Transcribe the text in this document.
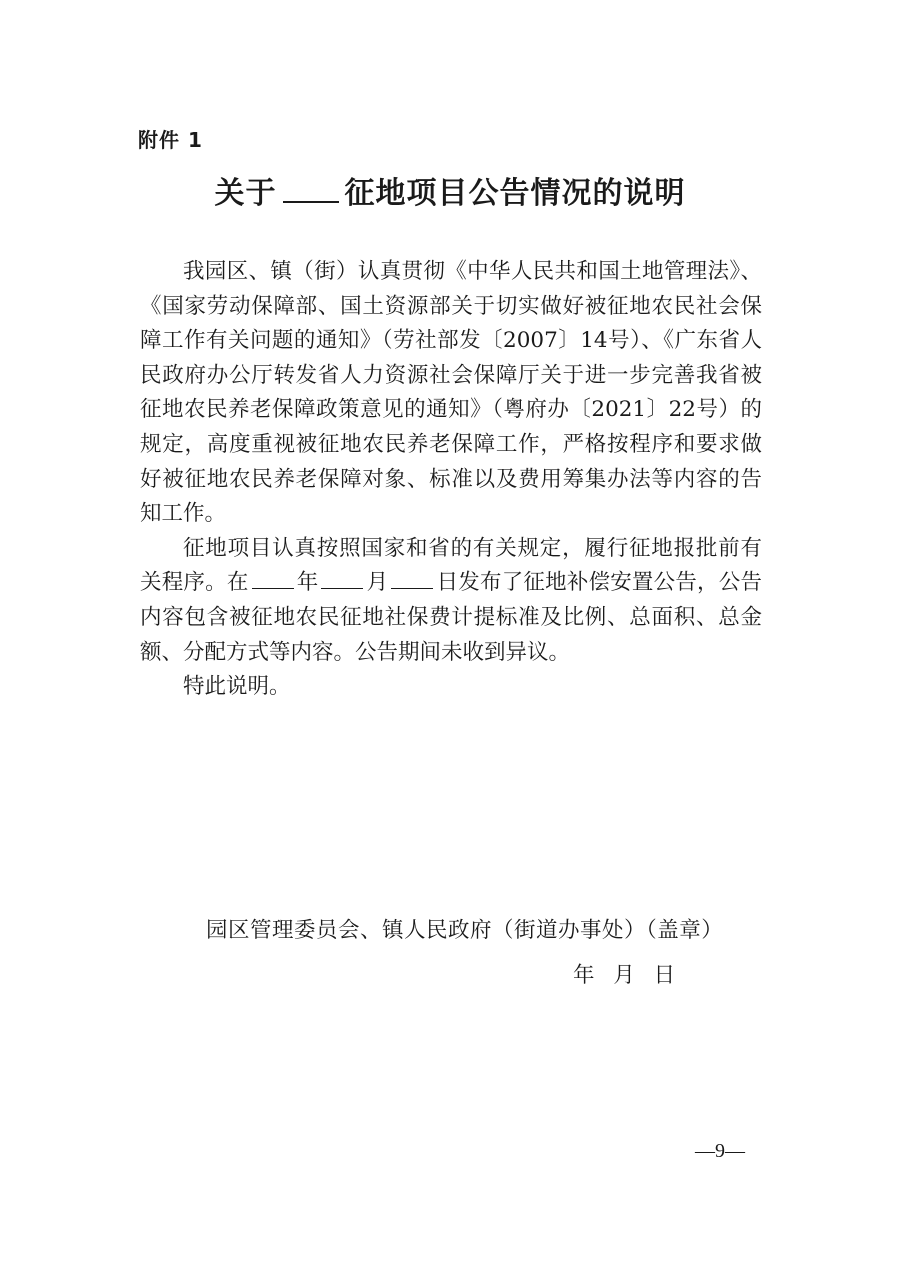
附件 1
关于 征地项目公告情况的说明

我园区、镇（街）认真贯彻《中华人民共和国土地管理法》、《国家劳动保障部、国土资源部关于切实做好被征地农民社会保障工作有关问题的通知》（劳社部发〔2007〕14号）、《广东省人民政府办公厅转发省人力资源社会保障厅关于进一步完善我省被征地农民养老保障政策意见的通知》（粤府办〔2021〕22号）的规定，高度重视被征地农民养老保障工作，严格按程序和要求做好被征地农民养老保障对象、标准以及费用筹集办法等内容的告知工作。

征地项目认真按照国家和省的有关规定，履行征地报批前有关程序。在 年 月 日发布了征地补偿安置公告，公告内容包含被征地农民征地社保费计提标准及比例、总面积、总金额、分配方式等内容。公告期间未收到异议。

特此说明。

园区管理委员会、镇人民政府（街道办事处）（盖章）
年 月 日
—9—
